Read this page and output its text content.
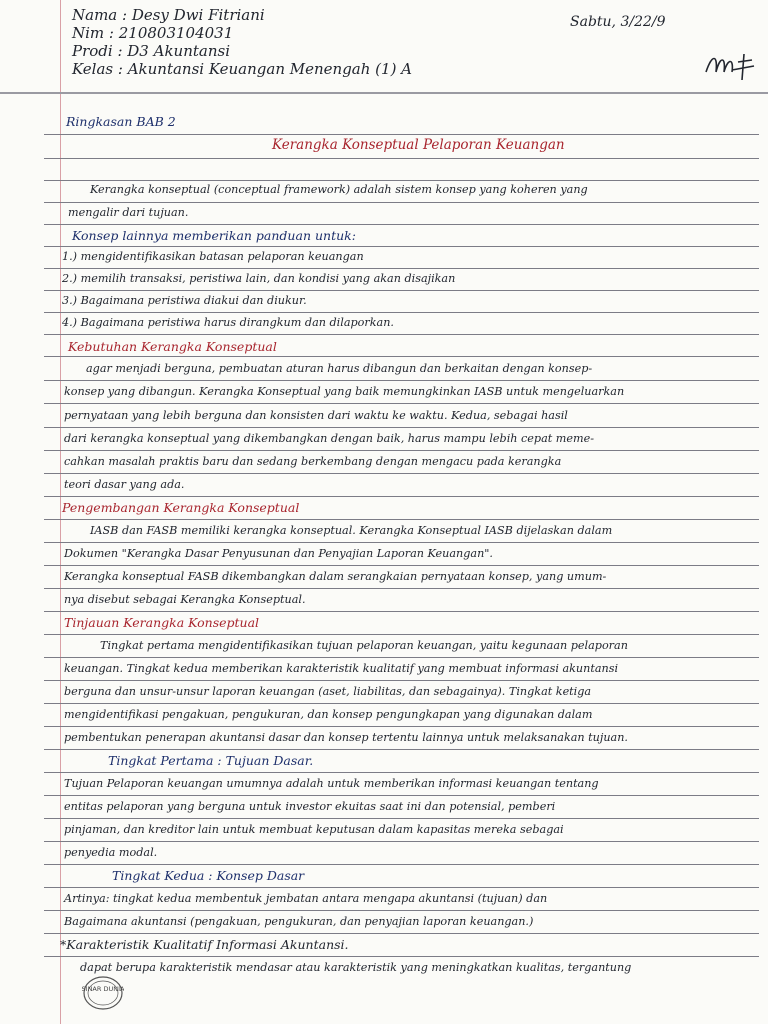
Nama : Desy Dwi Fitriani
Nim : 210803104031
Prodi : D3 Akuntansi
Kelas : Akuntansi Keuangan Menengah (1) A
Sabtu, 3/22/9
Ringkasan BAB 2
Kerangka Konseptual Pelaporan Keuangan
Kerangka konseptual (conceptual framework) adalah sistem konsep yang koheren yang
mengalir dari tujuan.
Konsep lainnya memberikan panduan untuk:
1.) mengidentifikasikan batasan pelaporan keuangan
2.) memilih transaksi, peristiwa lain, dan kondisi yang akan disajikan
3.) Bagaimana peristiwa diakui dan diukur.
4.) Bagaimana peristiwa harus dirangkum dan dilaporkan.
Kebutuhan Kerangka Konseptual
agar menjadi berguna, pembuatan aturan harus dibangun dan berkaitan dengan konsep-
konsep yang dibangun. Kerangka Konseptual yang baik memungkinkan IASB untuk mengeluarkan
pernyataan yang lebih berguna dan konsisten dari waktu ke waktu. Kedua, sebagai hasil
dari kerangka konseptual yang dikembangkan dengan baik, harus mampu lebih cepat meme-
cahkan masalah praktis baru dan sedang berkembang dengan mengacu pada kerangka
teori dasar yang ada.
Pengembangan Kerangka Konseptual
IASB dan FASB memiliki kerangka konseptual. Kerangka Konseptual IASB dijelaskan dalam
Dokumen "Kerangka Dasar Penyusunan dan Penyajian Laporan Keuangan".
Kerangka konseptual FASB dikembangkan dalam serangkaian pernyataan konsep, yang umum-
nya disebut sebagai Kerangka Konseptual.
Tinjauan Kerangka Konseptual
Tingkat pertama mengidentifikasikan tujuan pelaporan keuangan, yaitu kegunaan pelaporan
keuangan. Tingkat kedua memberikan karakteristik kualitatif yang membuat informasi akuntansi
berguna dan unsur-unsur laporan keuangan (aset, liabilitas, dan sebagainya). Tingkat ketiga
mengidentifikasi pengakuan, pengukuran, dan konsep pengungkapan yang digunakan dalam
pembentukan penerapan akuntansi dasar dan konsep tertentu lainnya untuk melaksanakan tujuan.
Tingkat Pertama : Tujuan Dasar.
Tujuan Pelaporan keuangan umumnya adalah untuk memberikan informasi keuangan tentang
entitas pelaporan yang berguna untuk investor ekuitas saat ini dan potensial, pemberi
pinjaman, dan kreditor lain untuk membuat keputusan dalam kapasitas mereka sebagai
penyedia modal.
Tingkat Kedua : Konsep Dasar
Artinya: tingkat kedua membentuk jembatan antara mengapa akuntansi (tujuan) dan
Bagaimana akuntansi (pengakuan, pengukuran, dan penyajian laporan keuangan.)
*Karakteristik Kualitatif Informasi Akuntansi.
dapat berupa karakteristik mendasar atau karakteristik yang meningkatkan kualitas, tergantung
SINAR DUNIA
